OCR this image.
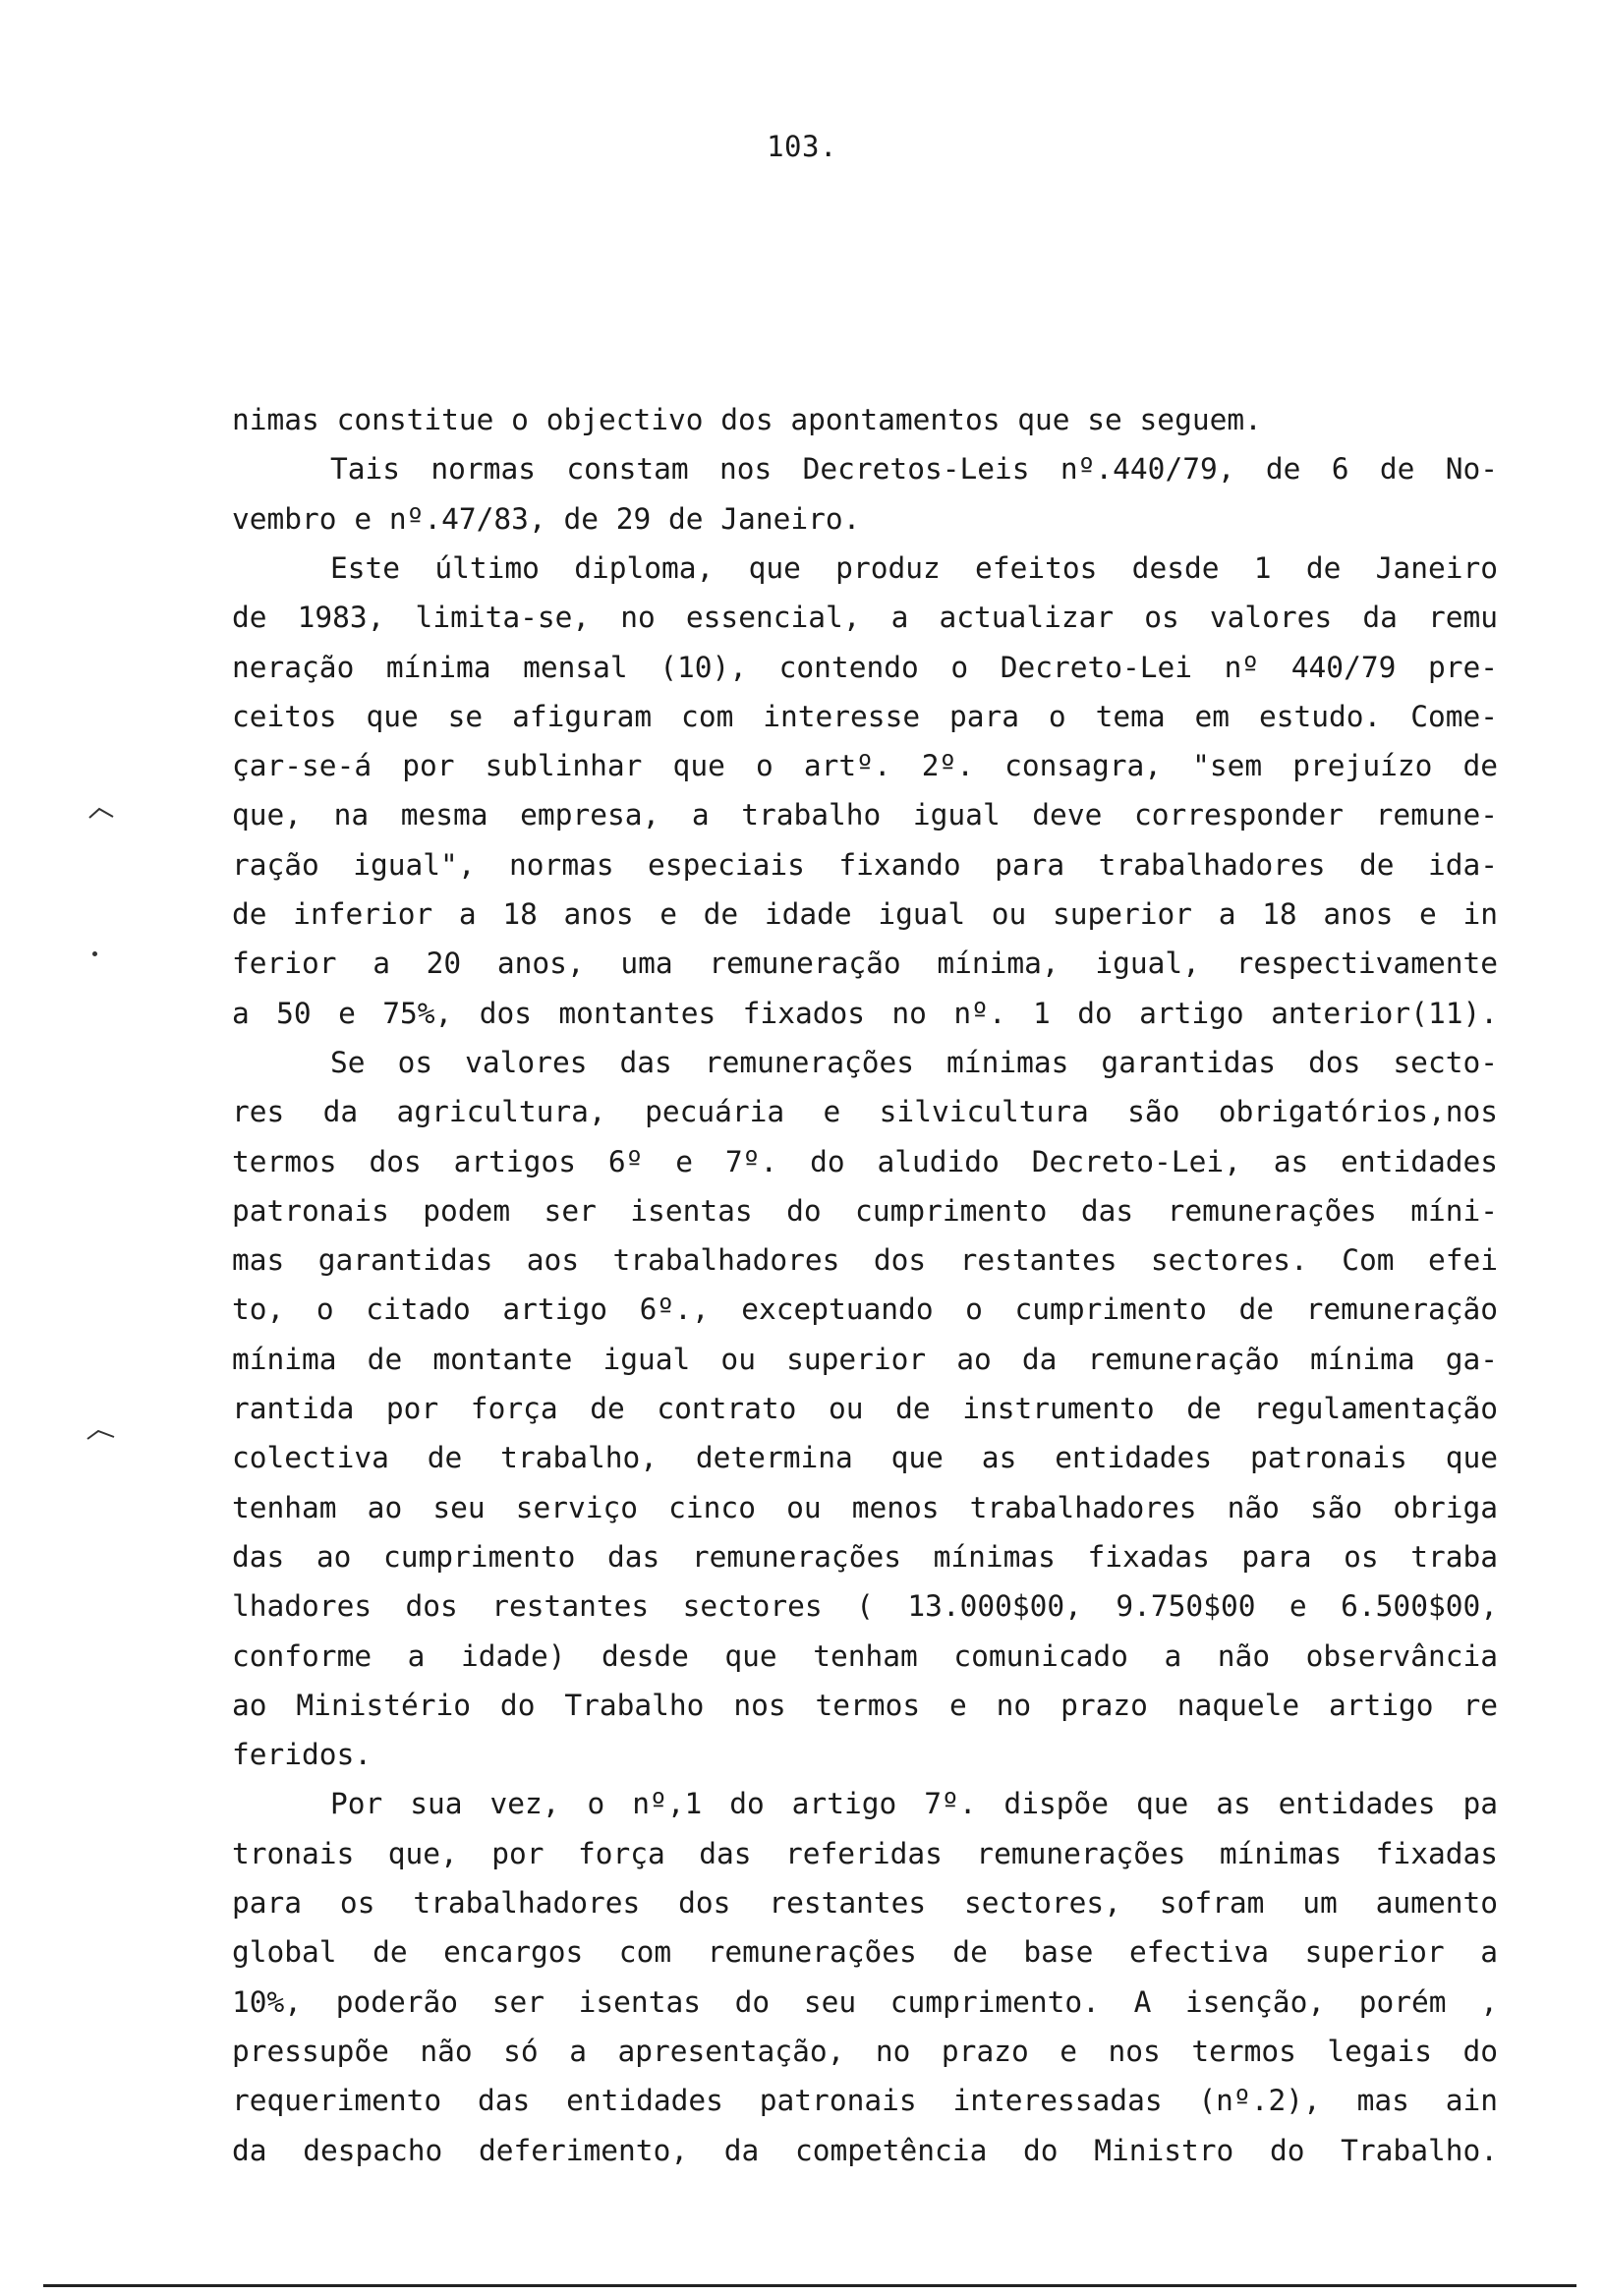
103.
nimas constitue o objectivo dos apontamentos que se seguem.
Tais normas constam nos Decretos-Leis nº.440/79, de 6 de No-
vembro e nº.47/83, de 29 de Janeiro.
Este último diploma, que produz efeitos desde 1 de Janeiro
de 1983, limita-se, no essencial, a actualizar os valores da remu
neração mínima mensal (10), contendo o Decreto-Lei nº 440/79 pre-
ceitos que se afiguram com interesse para o tema em estudo. Come-
çar-se-á por sublinhar que o artº. 2º. consagra, "sem prejuízo de
que, na mesma empresa, a trabalho igual deve corresponder remune-
ração igual", normas especiais fixando para trabalhadores de ida-
de inferior a 18 anos e de idade igual ou superior a 18 anos e in
ferior a 20 anos, uma remuneração mínima, igual, respectivamente
a 50 e 75%, dos montantes fixados no nº. 1 do artigo anterior(11).
Se os valores das remunerações mínimas garantidas dos secto-
res da agricultura, pecuária e silvicultura são obrigatórios,nos
termos dos artigos 6º e 7º. do aludido Decreto-Lei, as entidades
patronais podem ser isentas do cumprimento das remunerações míni-
mas garantidas aos trabalhadores dos restantes sectores. Com efei
to, o citado artigo 6º., exceptuando o cumprimento de remuneração
mínima de montante igual ou superior ao da remuneração mínima ga-
rantida por força de contrato ou de instrumento de regulamentação
colectiva de trabalho, determina que as entidades patronais que
tenham ao seu serviço cinco ou menos trabalhadores não são obriga
das ao cumprimento das remunerações mínimas fixadas para os traba
lhadores dos restantes sectores ( 13.000$00, 9.750$00 e 6.500$00,
conforme a idade) desde que tenham comunicado a não observância
ao Ministério do Trabalho nos termos e no prazo naquele artigo re
feridos.
Por sua vez, o nº,1 do artigo 7º. dispõe que as entidades pa
tronais que, por força das referidas remunerações mínimas fixadas
para os trabalhadores dos restantes sectores, sofram um aumento
global de encargos com remunerações de base efectiva superior a
10%, poderão ser isentas do seu cumprimento. A isenção, porém ,
pressupõe não só a apresentação, no prazo e nos termos legais do
requerimento das entidades patronais interessadas (nº.2), mas ain
da despacho deferimento, da competência do Ministro do Trabalho.
